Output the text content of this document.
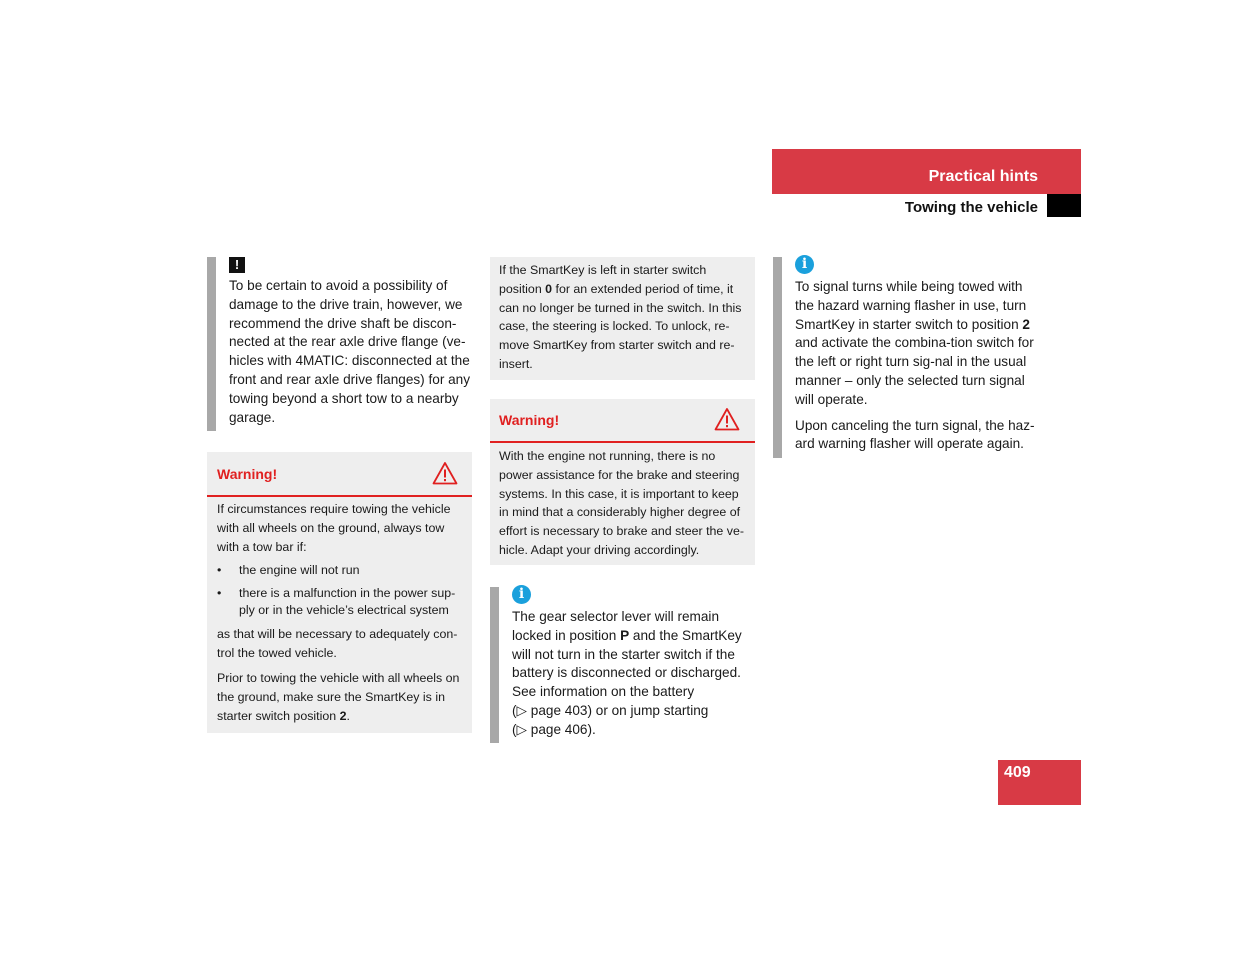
Practical hints
Towing the vehicle
!

To be certain to avoid a possibility of damage to the drive train, however, we recommend the drive shaft be discon-nected at the rear axle drive flange (ve-hicles with 4MATIC: disconnected at the front and rear axle drive flanges) for any towing beyond a short tow to a nearby garage.

Warning!

If circumstances require towing the vehicle with all wheels on the ground, always tow with a tow bar if:

• the engine will not run
• there is a malfunction in the power sup-ply or in the vehicle’s electrical system

as that will be necessary to adequately con-trol the towed vehicle.

Prior to towing the vehicle with all wheels on the ground, make sure the SmartKey is in starter switch position 2.

If the SmartKey is left in starter switch position 0 for an extended period of time, it can no longer be turned in the switch. In this case, the steering is locked. To unlock, re-move SmartKey from starter switch and re-insert.

Warning!

With the engine not running, there is no power assistance for the brake and steering systems. In this case, it is important to keep in mind that a considerably higher degree of effort is necessary to brake and steer the ve-hicle. Adapt your driving accordingly.

i

The gear selector lever will remain locked in position P and the SmartKey will not turn in the starter switch if the battery is disconnected or discharged. See information on the battery
(▷ page 403) or on jump starting
(▷ page 406).

i

To signal turns while being towed with the hazard warning flasher in use, turn SmartKey in starter switch to position 2 and activate the combina-tion switch for the left or right turn sig-nal in the usual manner – only the selected turn signal will operate.

Upon canceling the turn signal, the haz-ard warning flasher will operate again.

409
